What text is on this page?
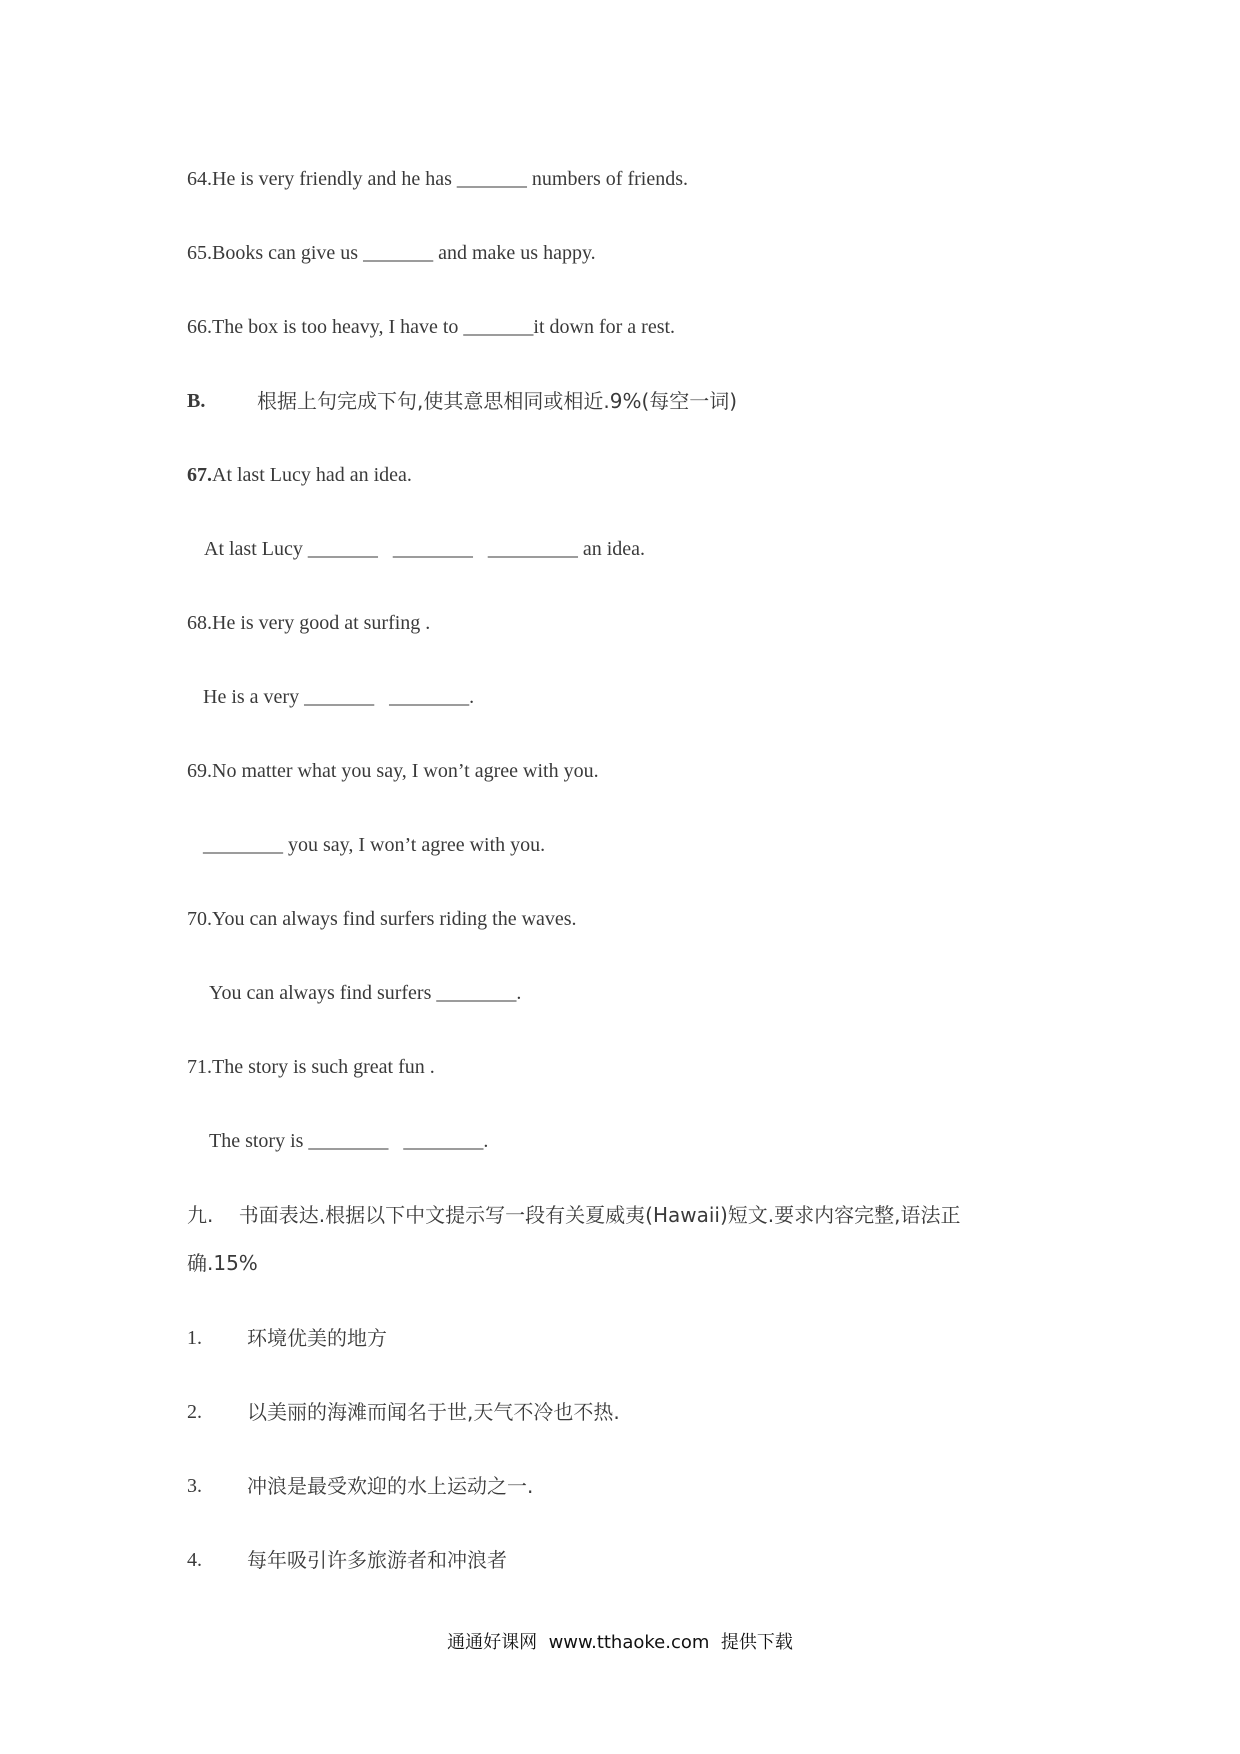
64.He is very friendly and he has _______ numbers of friends.
65.Books can give us _______ and make us happy.
66.The box is too heavy, I have to _______it down for a rest.
B.	根据上句完成下句,使其意思相同或相近.9%(每空一词)
67.At last Lucy had an idea.
At last Lucy _______   ________   _________ an idea.
68.He is very good at surfing .
He is a very _______   ________.
69.No matter what you say, I won’t agree with you.
________ you say, I won’t agree with you.
70.You can always find surfers riding the waves.
You can always find surfers ________.
71.The story is such great fun .
The story is ________   ________.
九.    书面表达.根据以下中文提示写一段有关夏威夷(Hawaii)短文.要求内容完整,语法正
确.15%
1. 环境优美的地方
2. 以美丽的海滩而闻名于世,天气不冷也不热.
3. 冲浪是最受欢迎的水上运动之一.
4. 每年吸引许多旅游者和冲浪者
通通好课网  www.tthaoke.com  提供下载
